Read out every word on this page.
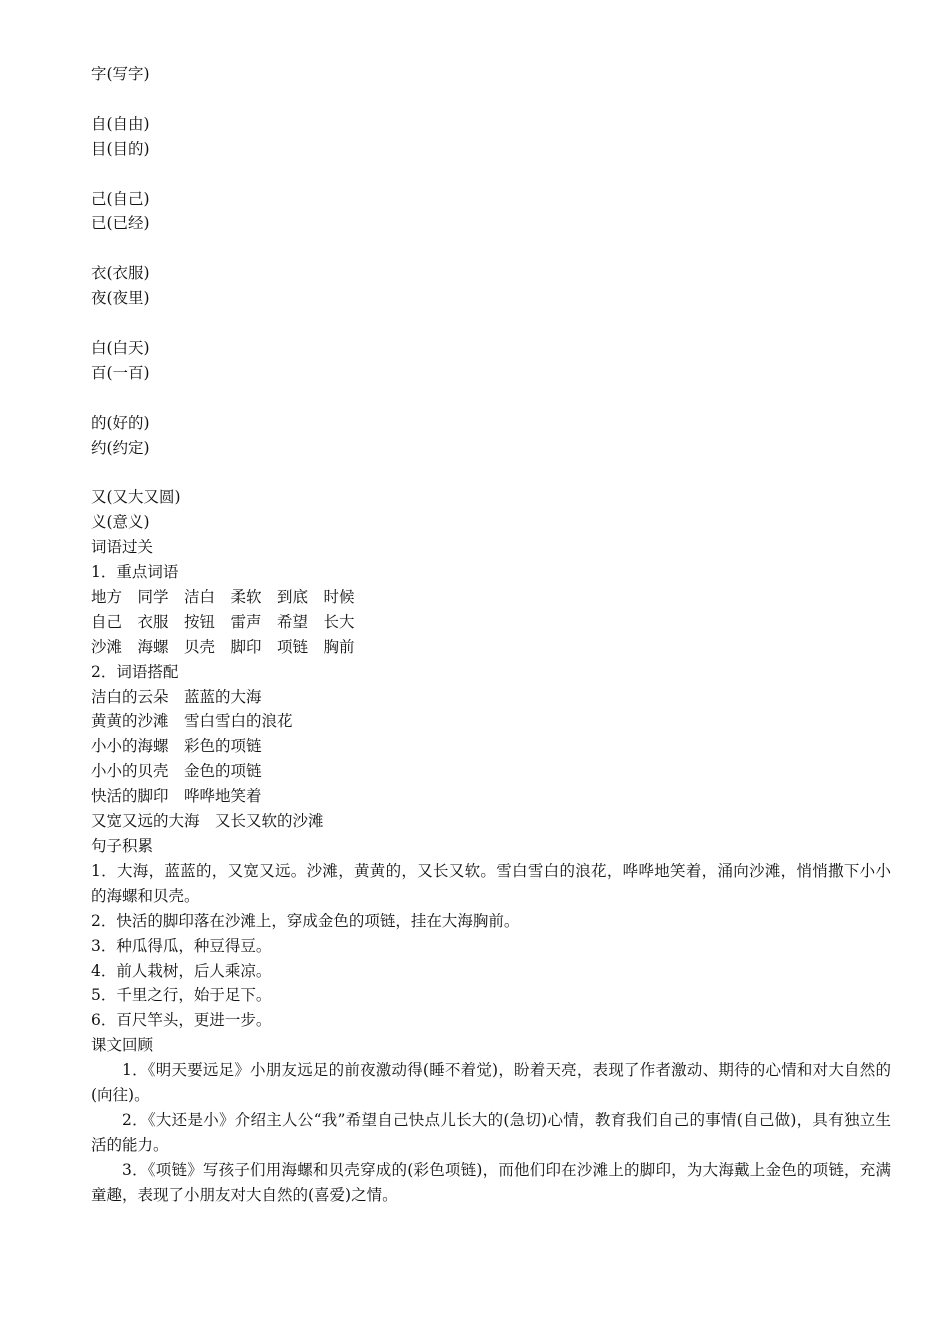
字(写字)
自(自由)
目(目的)
己(自己)
已(已经)
衣(衣服)
夜(夜里)
白(白天)
百(一百)
的(好的)
约(约定)
又(又大又圆)
义(意义)
词语过关
1．重点词语
地方　同学　洁白　柔软　到底　时候
自己　衣服　按钮　雷声　希望　长大
沙滩　海螺　贝壳　脚印　项链　胸前
2．词语搭配
洁白的云朵　蓝蓝的大海
黄黄的沙滩　雪白雪白的浪花
小小的海螺　彩色的项链
小小的贝壳　金色的项链
快活的脚印　哗哗地笑着
又宽又远的大海　又长又软的沙滩
句子积累
1．大海，蓝蓝的，又宽又远。沙滩，黄黄的，又长又软。雪白雪白的浪花，哗哗地笑着，涌向沙滩，悄悄撒下小小的海螺和贝壳。
2．快活的脚印落在沙滩上，穿成金色的项链，挂在大海胸前。
3．种瓜得瓜，种豆得豆。
4．前人栽树，后人乘凉。
5．千里之行，始于足下。
6．百尺竿头，更进一步。
课文回顾
1．《明天要远足》小朋友远足的前夜激动得(睡不着觉)，盼着天亮，表现了作者激动、期待的心情和对大自然的(向往)。
2．《大还是小》介绍主人公“我”希望自己快点儿长大的(急切)心情，教育我们自己的事情(自己做)，具有独立生活的能力。
3．《项链》写孩子们用海螺和贝壳穿成的(彩色项链)，而他们印在沙滩上的脚印，为大海戴上金色的项链，充满童趣，表现了小朋友对大自然的(喜爱)之情。
